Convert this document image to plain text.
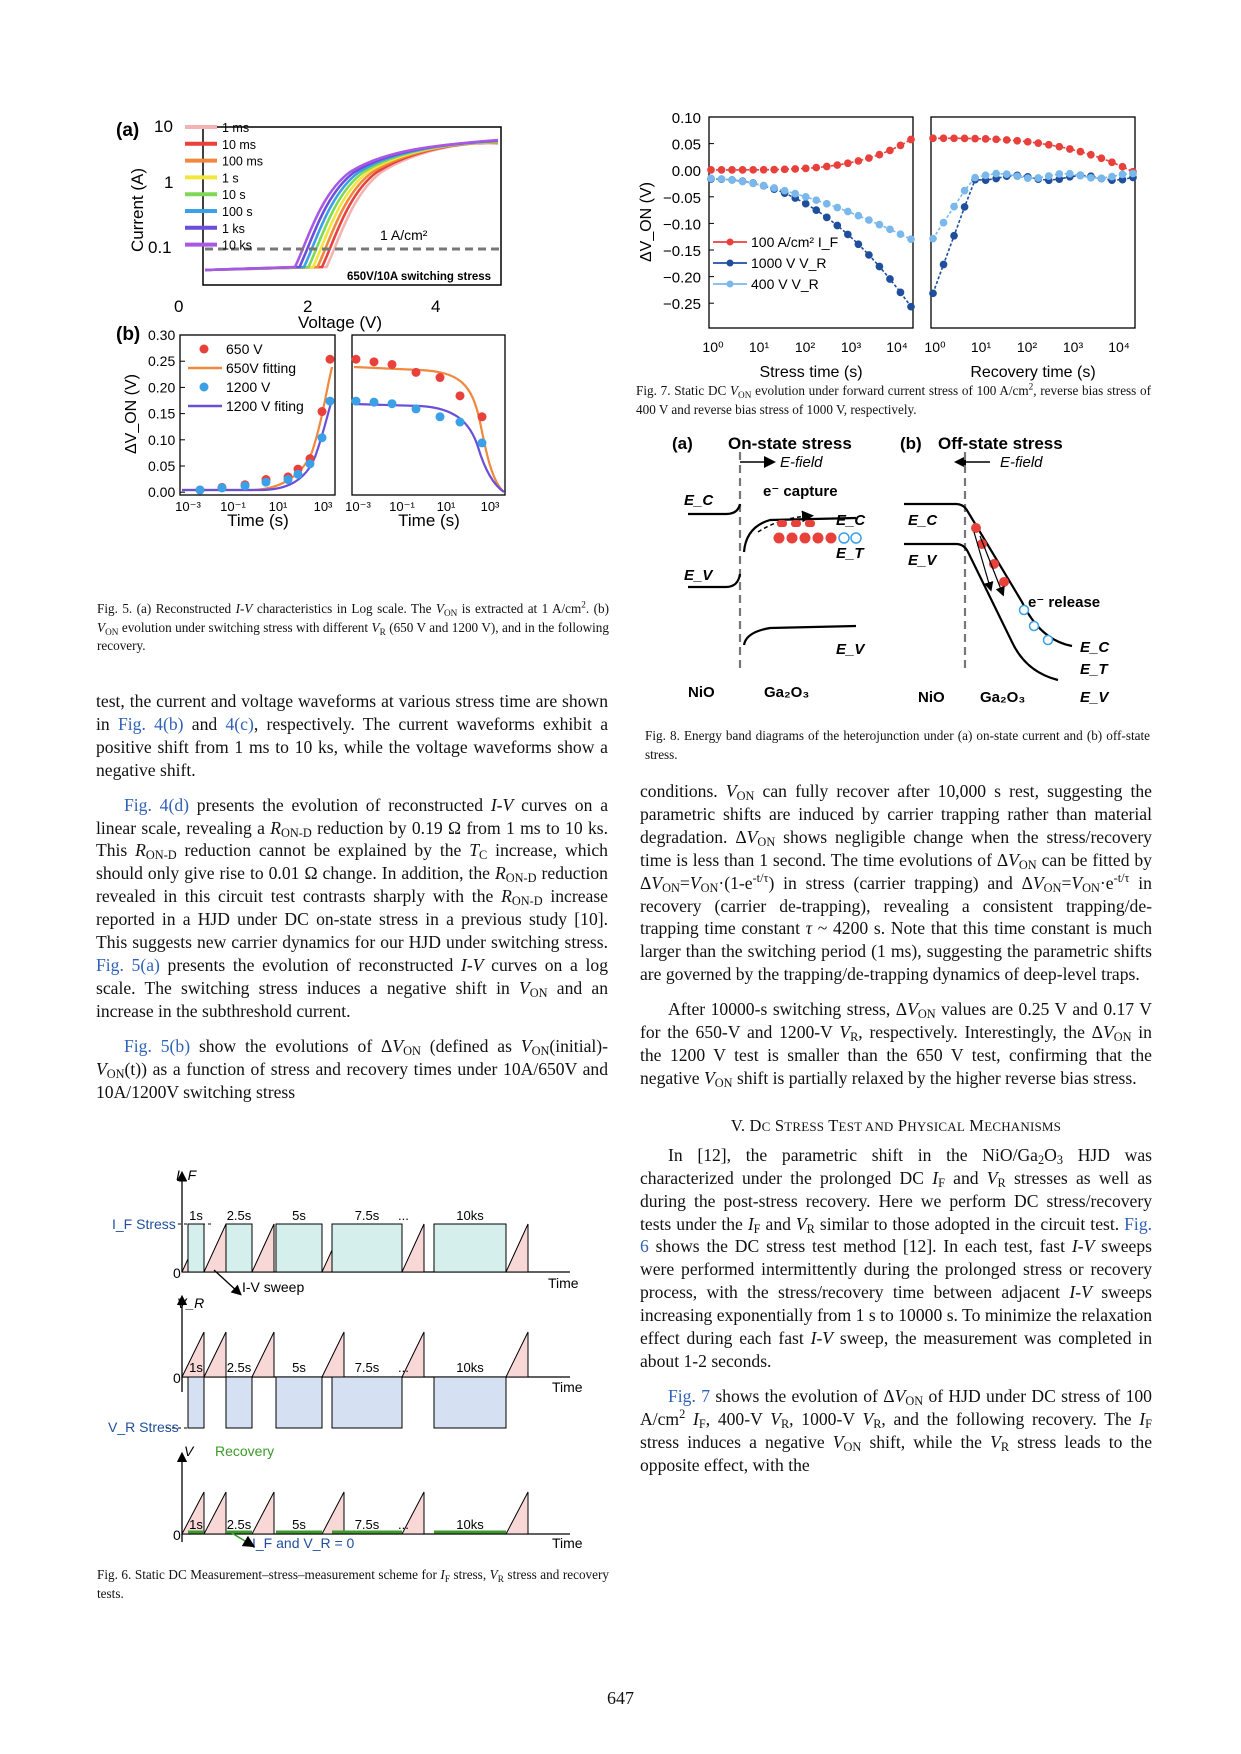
(a) 10
1
0.1
Current (A)
0	2	4
Voltage (V)
1 A/cm²
650V/10A switching stress
1 ms
10 ms
100 ms
1 s
10 s
100 s
1 ks
10 ks
(b) 0.30
0.25
0.20
0.15
0.10
0.05
0.00
ΔV_ON (V)
10⁻³ 10⁻¹ 10¹ 10³ 10⁻³ 10⁻¹ 10¹ 10³
Time (s)	Time (s)
650 V
650V fitting
1200 V
1200 V fiting

Fig. 5. (a) Reconstructed I-V characteristics in Log scale. The $V_{ON}$ is extracted at 1 $A/cm^2$. (b) $V_{ON}$ evolution under switching stress with different $V_R$ (650 V and 1200 V), and in the following recovery.

test, the current and voltage waveforms at various stress time are shown in Fig. 4(b) and 4(c), respectively. The current waveforms exhibit a positive shift from 1 ms to 10 ks, while the voltage waveforms show a negative shift.

Fig. 4(d) presents the evolution of reconstructed I-V curves on a linear scale, revealing a $R_{ON-D}$ reduction by 0.19 Ω from 1 ms to 10 ks. This $R_{ON-D}$ reduction cannot be explained by the $T_C$ increase, which should only give rise to 0.01 Ω change. In addition, the $R_{ON-D}$ reduction revealed in this circuit test contrasts sharply with the $R_{ON-D}$ increase reported in a HJD under DC on-state stress in a previous study [10]. This suggests new carrier dynamics for our HJD under switching stress. Fig. 5(a) presents the evolution of reconstructed I-V curves on a log scale. The switching stress induces a negative shift in $V_{ON}$ and an increase in the subthreshold current.

Fig. 5(b) show the evolutions of $\Delta V_{ON}$ (defined as $V_{ON}(initial)-V_{ON}(t)$) as a function of stress and recovery times under 10A/650V and 10A/1200V switching stress

I_F
I_F Stress
0
Time
1s 2.5s	5s	7.5s	10ks
...
I-V sweep
V_R
0
Time
V_R Stress
1s 2.5s	5s	7.5s	10ks
...
V Recovery
0	Time
1s 2.5s	5s	7.5s	10ks
...
I_F and V_R = 0

Fig. 6. Static DC Measurement–stress–measurement scheme for $I_F$ stress, $V_R$ stress and recovery tests.

0.10
0.05
0.00
−0.05
−0.10
−0.15
−0.20
−0.25
ΔV_ON (V)
10⁰	10⁰
10¹	10¹
10²	10²
10³	10³
10⁴	10⁴
Stress time (s)	Recovery time (s)
100 A/cm² I_F
1000 V V_R
400 V V_R

Fig. 7. Static DC $V_{ON}$ evolution under forward current stress of 100 $A/cm^2$, reverse bias stress of 400 V and reverse bias stress of 1000 V, respectively.

(a) On-state stress	(b) Off-state stress
E-field
E_C
E_V
e⁻ capture
E_C
E_T
E_V
NiO	Ga₂O₃
E-field
E_C
E_V
e⁻ release
E_C
E_T
E_V
NiO Ga₂O₃

Fig. 8. Energy band diagrams of the heterojunction under (a) on-state current and (b) off-state stress.

conditions. $V_{ON}$ can fully recover after 10,000 s rest, suggesting the parametric shifts are induced by carrier trapping rather than material degradation. $\Delta V_{ON}$ shows negligible change when the stress/recovery time is less than 1 second. The time evolutions of $\Delta V_{ON}$ can be fitted by $\Delta V_{ON}=V_{ON}\cdot(1-e^{-t/\tau})$ in stress (carrier trapping) and $\Delta V_{ON}=V_{ON}\cdot e^{-t/\tau}$ in recovery (carrier de-trapping), revealing a consistent trapping/de-trapping time constant τ ~ 4200 s. Note that this time constant is much larger than the switching period (1 ms), suggesting the parametric shifts are governed by the trapping/de-trapping dynamics of deep-level traps.

After 10000-s switching stress, $\Delta V_{ON}$ values are 0.25 V and 0.17 V for the 650-V and 1200-V $V_R$, respectively. Interestingly, the $\Delta V_{ON}$ in the 1200 V test is smaller than the 650 V test, confirming that the negative $V_{ON}$ shift is partially relaxed by the higher reverse bias stress.

V. DC STRESS TEST AND PHYSICAL MECHANISMS

In [12], the parametric shift in the NiO/$Ga_2O_3$ HJD was characterized under the prolonged DC $I_F$ and $V_R$ stresses as well as during the post-stress recovery. Here we perform DC stress/recovery tests under the $I_F$ and $V_R$ similar to those adopted in the circuit test. Fig. 6 shows the DC stress test method [12]. In each test, fast I-V sweeps were performed intermittently during the prolonged stress or recovery process, with the stress/recovery time between adjacent I-V sweeps increasing exponentially from 1 s to 10000 s. To minimize the relaxation effect during each fast I-V sweep, the measurement was completed in about 1-2 seconds.

Fig. 7 shows the evolution of $\Delta V_{ON}$ of HJD under DC stress of 100 $A/cm^2$ $I_F$, 400-V $V_R$, 1000-V $V_R$, and the following recovery. The $I_F$ stress induces a negative $V_{ON}$ shift, while the $V_R$ stress leads to the opposite effect, with the

647
